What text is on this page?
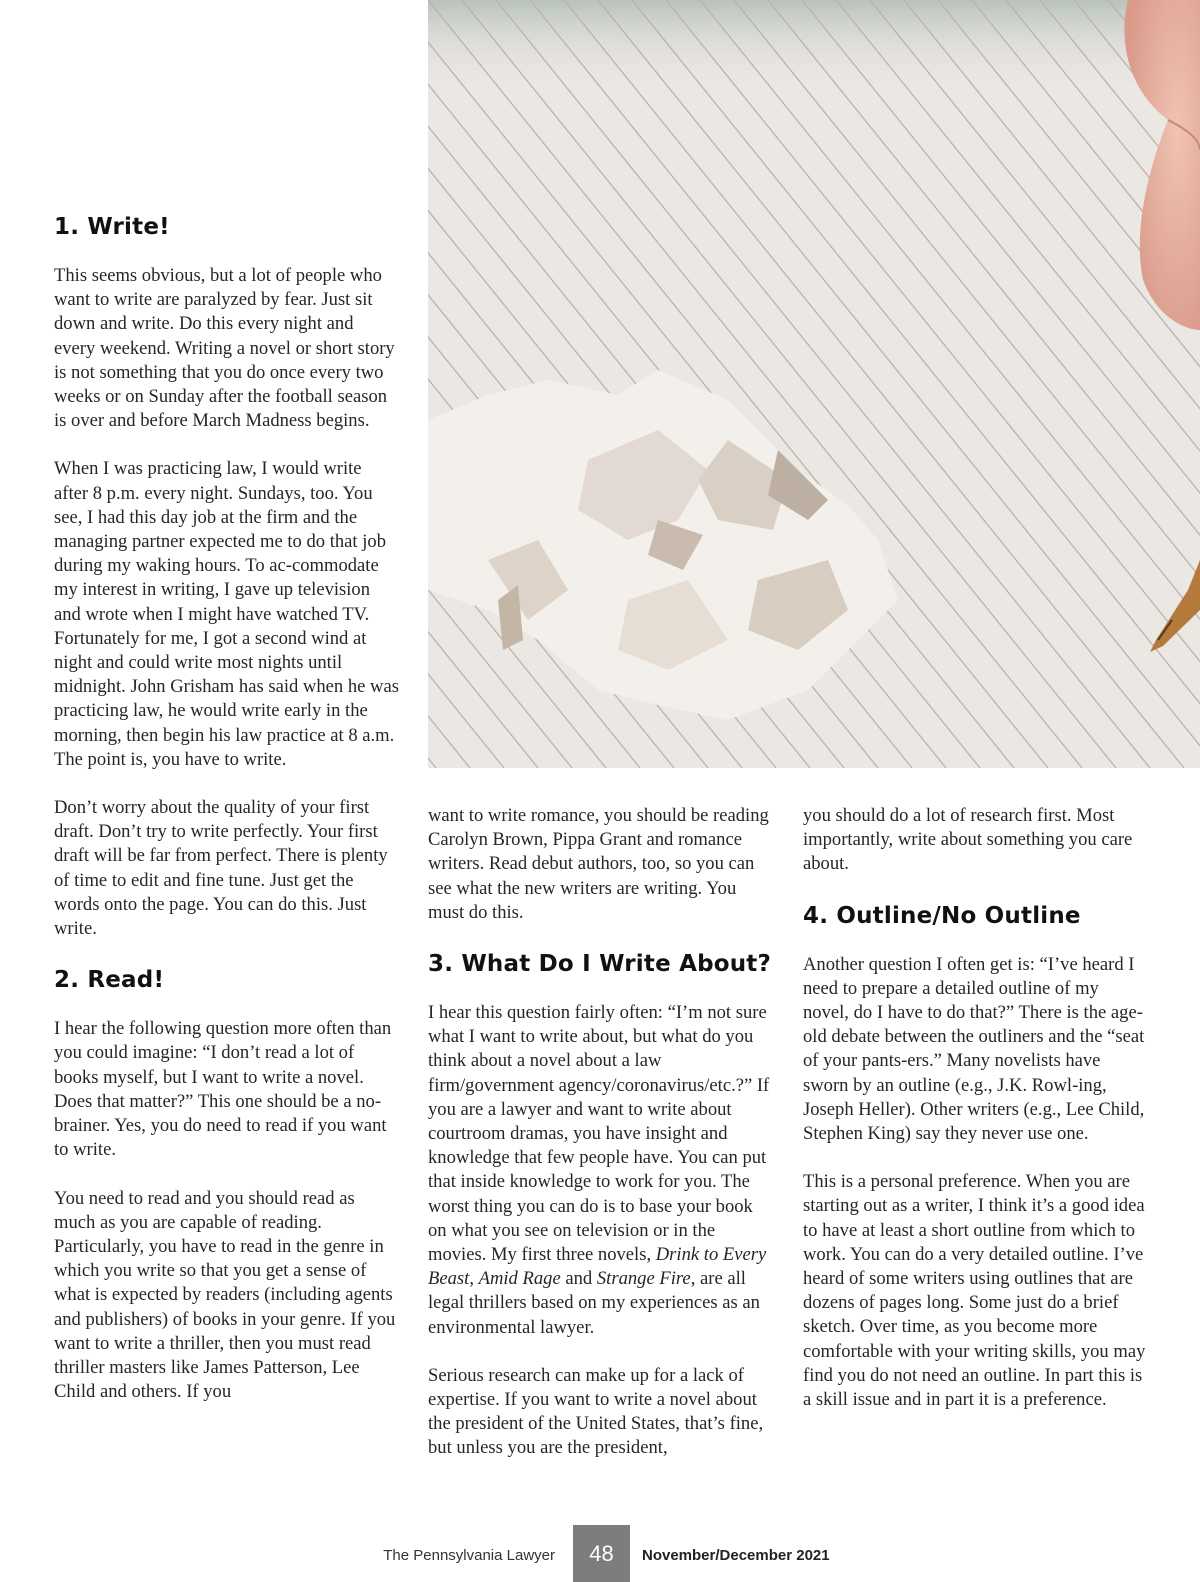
1. Write!

This seems obvious, but a lot of people who want to write are paralyzed by fear. Just sit down and write. Do this every night and every weekend. Writing a novel or short story is not something that you do once every two weeks or on Sunday after the football season is over and before March Madness begins.

When I was practicing law, I would write after 8 p.m. every night. Sundays, too. You see, I had this day job at the firm and the managing partner expected me to do that job during my waking hours. To ac-commodate my interest in writing, I gave up television and wrote when I might have watched TV. Fortunately for me, I got a second wind at night and could write most nights until midnight. John Grisham has said when he was practicing law, he would write early in the morning, then begin his law practice at 8 a.m. The point is, you have to write.

Don’t worry about the quality of your first draft. Don’t try to write perfectly. Your first draft will be far from perfect. There is plenty of time to edit and fine tune. Just get the words onto the page. You can do this. Just write.

2. Read!

I hear the following question more often than you could imagine: “I don’t read a lot of books myself, but I want to write a novel. Does that matter?” This one should be a no-brainer. Yes, you do need to read if you want to write.

You need to read and you should read as much as you are capable of reading. Particularly, you have to read in the genre in which you write so that you get a sense of what is expected by readers (including agents and publishers) of books in your genre. If you want to write a thriller, then you must read thriller masters like James Patterson, Lee Child and others. If you

want to write romance, you should be reading Carolyn Brown, Pippa Grant and romance writers. Read debut authors, too, so you can see what the new writers are writing. You must do this.

3. What Do I Write About?

I hear this question fairly often: “I’m not sure what I want to write about, but what do you think about a novel about a law firm/government agency/coronavirus/etc.?” If you are a lawyer and want to write about courtroom dramas, you have insight and knowledge that few people have. You can put that inside knowledge to work for you. The worst thing you can do is to base your book on what you see on television or in the movies. My first three novels, Drink to Every Beast, Amid Rage and Strange Fire, are all legal thrillers based on my experiences as an environmental lawyer.

Serious research can make up for a lack of expertise. If you want to write a novel about the president of the United States, that’s fine, but unless you are the president,

you should do a lot of research first. Most importantly, write about something you care about.

4. Outline/No Outline

Another question I often get is: “I’ve heard I need to prepare a detailed outline of my novel, do I have to do that?” There is the age-old debate between the outliners and the “seat of your pants-ers.” Many novelists have sworn by an outline (e.g., J.K. Rowl-ing, Joseph Heller). Other writers (e.g., Lee Child, Stephen King) say they never use one.

This is a personal preference. When you are starting out as a writer, I think it’s a good idea to have at least a short outline from which to work. You can do a very detailed outline. I’ve heard of some writers using outlines that are dozens of pages long. Some just do a brief sketch. Over time, as you become more comfortable with your writing skills, you may find you do not need an outline. In part this is a skill issue and in part it is a preference.

The Pennsylvania Lawyer	48	November/December 2021
